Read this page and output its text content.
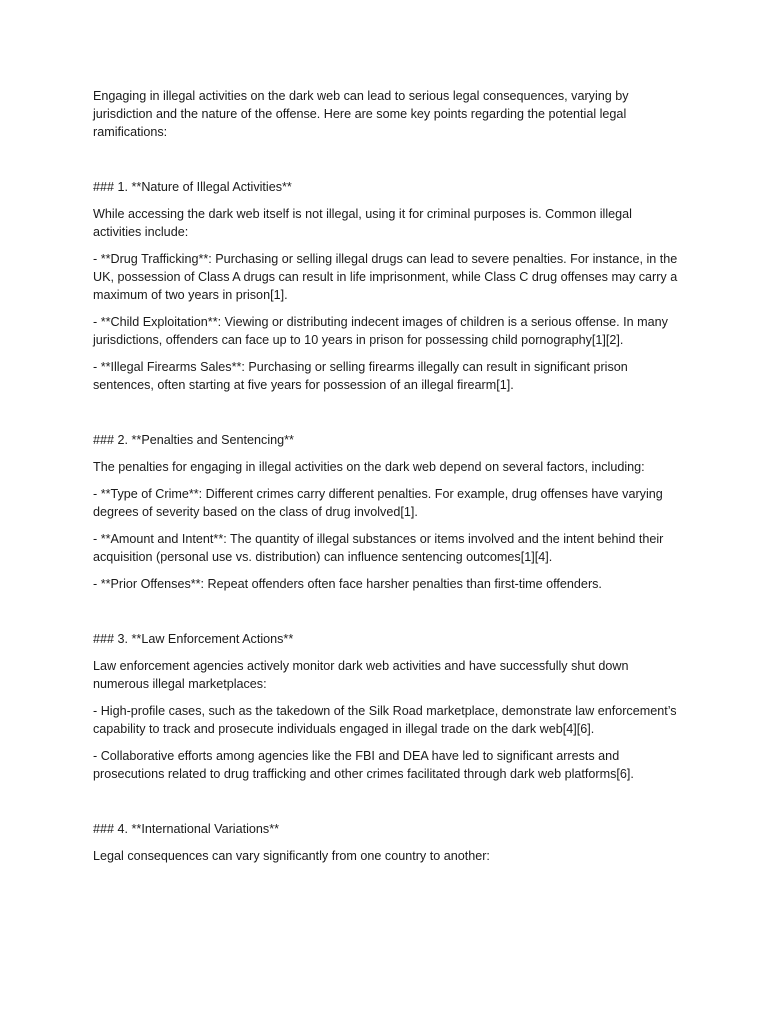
Engaging in illegal activities on the dark web can lead to serious legal consequences, varying by jurisdiction and the nature of the offense. Here are some key points regarding the potential legal ramifications:

### 1. **Nature of Illegal Activities**

While accessing the dark web itself is not illegal, using it for criminal purposes is. Common illegal activities include:

- **Drug Trafficking**: Purchasing or selling illegal drugs can lead to severe penalties. For instance, in the UK, possession of Class A drugs can result in life imprisonment, while Class C drug offenses may carry a maximum of two years in prison[1].

- **Child Exploitation**: Viewing or distributing indecent images of children is a serious offense. In many jurisdictions, offenders can face up to 10 years in prison for possessing child pornography[1][2].

- **Illegal Firearms Sales**: Purchasing or selling firearms illegally can result in significant prison sentences, often starting at five years for possession of an illegal firearm[1].

### 2. **Penalties and Sentencing**

The penalties for engaging in illegal activities on the dark web depend on several factors, including:

- **Type of Crime**: Different crimes carry different penalties. For example, drug offenses have varying degrees of severity based on the class of drug involved[1].

- **Amount and Intent**: The quantity of illegal substances or items involved and the intent behind their acquisition (personal use vs. distribution) can influence sentencing outcomes[1][4].

- **Prior Offenses**: Repeat offenders often face harsher penalties than first-time offenders.

### 3. **Law Enforcement Actions**

Law enforcement agencies actively monitor dark web activities and have successfully shut down numerous illegal marketplaces:

- High-profile cases, such as the takedown of the Silk Road marketplace, demonstrate law enforcement’s capability to track and prosecute individuals engaged in illegal trade on the dark web[4][6].

- Collaborative efforts among agencies like the FBI and DEA have led to significant arrests and prosecutions related to drug trafficking and other crimes facilitated through dark web platforms[6].

### 4. **International Variations**

Legal consequences can vary significantly from one country to another:
